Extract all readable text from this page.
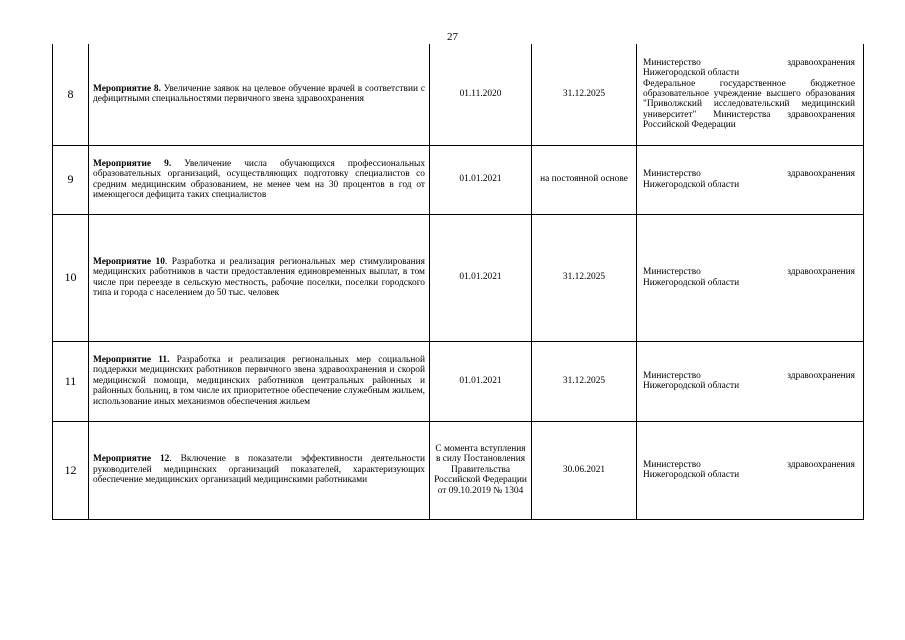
27
8	Мероприятие 8. Увеличение заявок на целевое обучение врачей в соответствии с дефицитными специальностями первичного звена здравоохранения	01.11.2020	31.12.2025	Министерство здравоохранения
Нижегородской области
Федеральное государственное бюджетное образовательное учреждение высшего образования "Приволжский исследовательский медицинский университет" Министерства здравоохранения Российской Федерации

9	Мероприятие 9. Увеличение числа обучающихся профессиональных образовательных организаций, осуществляющих подготовку специалистов со средним медицинским образованием, не менее чем на 30 процентов в год от имеющегося дефицита таких специалистов	01.01.2021	на постоянной основе	Министерство здравоохранения
Нижегородской области
10	Мероприятие 10. Разработка и реализация региональных мер стимулирования медицинских работников в части предоставления единовременных выплат, в том числе при переезде в сельскую местность, рабочие поселки, поселки городского типа и города с населением до 50 тыс. человек	01.01.2021	31.12.2025	Министерство здравоохранения
Нижегородской области
11	Мероприятие 11. Разработка и реализация региональных мер социальной поддержки медицинских работников первичного звена здравоохранения и скорой медицинской помощи, медицинских работников центральных районных и районных больниц, в том числе их приоритетное обеспечение служебным жильем, использование иных механизмов обеспечения жильем	01.01.2021	31.12.2025	Министерство здравоохранения
Нижегородской области
12	Мероприятие 12. Включение в показатели эффективности деятельности руководителей медицинских организаций показателей, характеризующих обеспечение медицинских организаций медицинскими работниками	С момента вступления в силу Постановления Правительства Российской Федерации от 09.10.2019 № 1304	30.06.2021	Министерство здравоохранения
Нижегородской области
